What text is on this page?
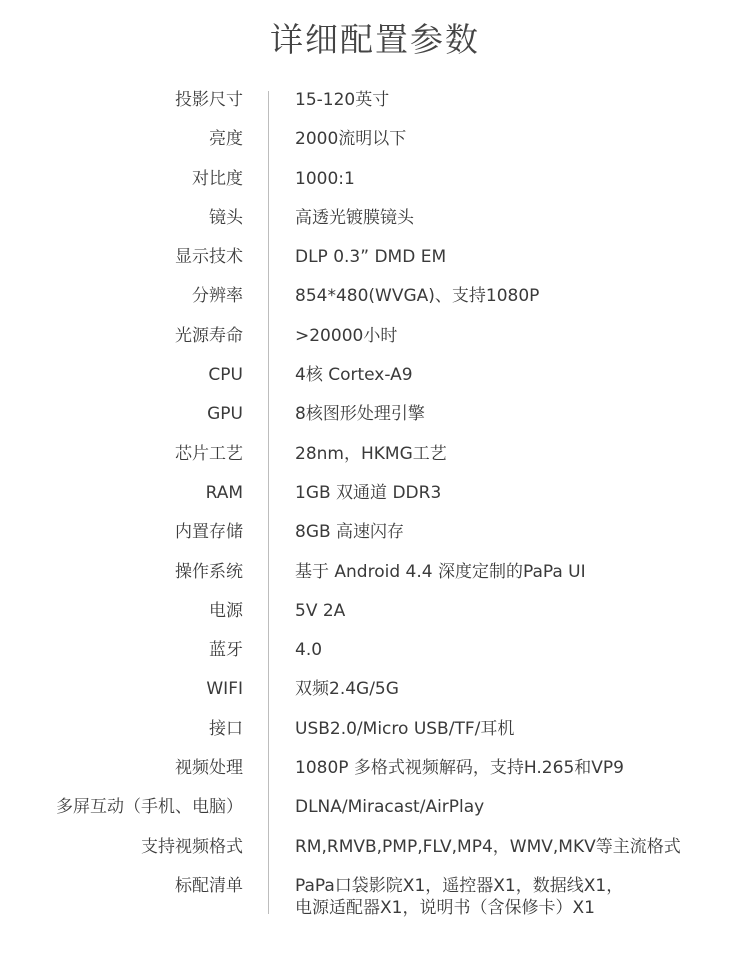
详细配置参数
投影尺寸	15-120英寸
亮度	2000流明以下
对比度	1000:1
镜头	高透光镀膜镜头
显示技术	DLP 0.3” DMD EM
分辨率	854*480(WVGA)、支持1080P
光源寿命	>20000小时
CPU	4核 Cortex-A9
GPU	8核图形处理引擎
芯片工艺	28nm，HKMG工艺
RAM	1GB 双通道 DDR3
内置存储	8GB 高速闪存
操作系统	基于 Android 4.4 深度定制的PaPa UI
电源	5V 2A
蓝牙	4.0
WIFI	双频2.4G/5G
接口	USB2.0/Micro USB/TF/耳机
视频处理	1080P 多格式视频解码，支持H.265和VP9
多屏互动（手机、电脑）	DLNA/Miracast/AirPlay
支持视频格式	RM,RMVB,PMP,FLV,MP4，WMV,MKV等主流格式
标配清单	PaPa口袋影院X1，遥控器X1，数据线X1，
电源适配器X1，说明书（含保修卡）X1
